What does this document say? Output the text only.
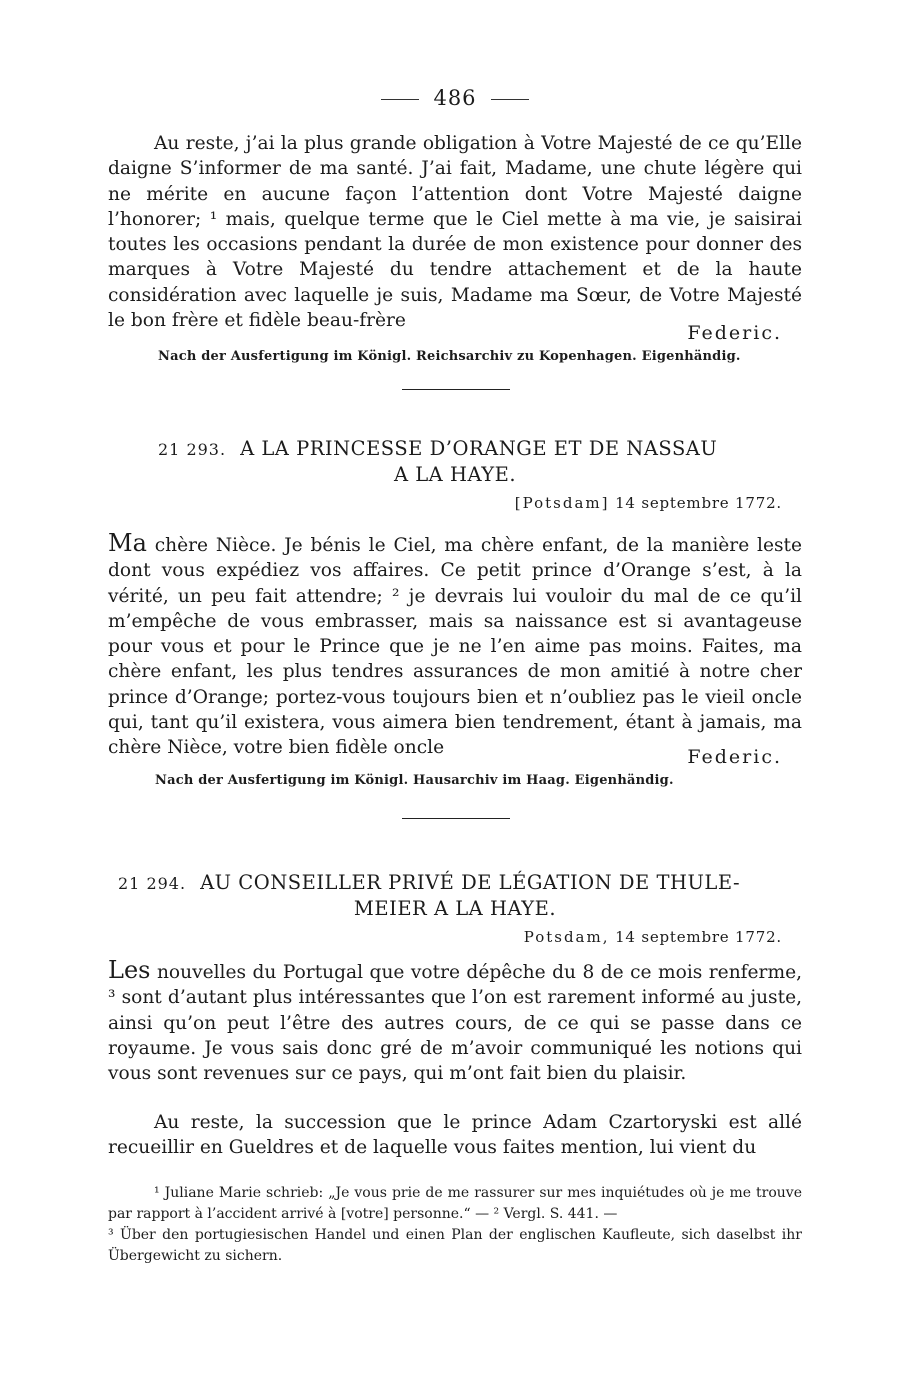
486
Au reste, j’ai la plus grande obligation à Votre Majesté de ce qu’Elle daigne S’informer de ma santé. J’ai fait, Madame, une chute légère qui ne mérite en aucune façon l’attention dont Votre Majesté daigne l’honorer; ¹ mais, quelque terme que le Ciel mette à ma vie, je saisirai toutes les occasions pendant la durée de mon existence pour donner des marques à Votre Majesté du tendre attachement et de la haute considération avec laquelle je suis, Madame ma Sœur, de Votre Majesté le bon frère et fidèle beau-frère
Federic.
Nach der Ausfertigung im Königl. Reichsarchiv zu Kopenhagen. Eigenhändig.
21 293. A LA PRINCESSE D’ORANGE ET DE NASSAU
A LA HAYE.
[Potsdam] 14 septembre 1772.
Ma chère Nièce. Je bénis le Ciel, ma chère enfant, de la manière leste dont vous expédiez vos affaires. Ce petit prince d’Orange s’est, à la vérité, un peu fait attendre; ² je devrais lui vouloir du mal de ce qu’il m’empêche de vous embrasser, mais sa naissance est si avantageuse pour vous et pour le Prince que je ne l’en aime pas moins. Faites, ma chère enfant, les plus tendres assurances de mon amitié à notre cher prince d’Orange; portez-vous toujours bien et n’oubliez pas le vieil oncle qui, tant qu’il existera, vous aimera bien tendrement, étant à jamais, ma chère Nièce, votre bien fidèle oncle	Federic.
Nach der Ausfertigung im Königl. Hausarchiv im Haag. Eigenhändig.
21 294. AU CONSEILLER PRIVÉ DE LÉGATION DE THULE-
MEIER A LA HAYE.
Potsdam, 14 septembre 1772.
Les nouvelles du Portugal que votre dépêche du 8 de ce mois renferme, ³ sont d’autant plus intéressantes que l’on est rarement informé au juste, ainsi qu’on peut l’être des autres cours, de ce qui se passe dans ce royaume. Je vous sais donc gré de m’avoir communiqué les notions qui vous sont revenues sur ce pays, qui m’ont fait bien du plaisir.
Au reste, la succession que le prince Adam Czartoryski est allé recueillir en Gueldres et de laquelle vous faites mention, lui vient du
¹ Juliane Marie schrieb: „Je vous prie de me rassurer sur mes inquiétudes où je me trouve par rapport à l’accident arrivé à [votre] personne.“ — ² Vergl. S. 441. —
³ Über den portugiesischen Handel und einen Plan der englischen Kaufleute, sich daselbst ihr Übergewicht zu sichern.
